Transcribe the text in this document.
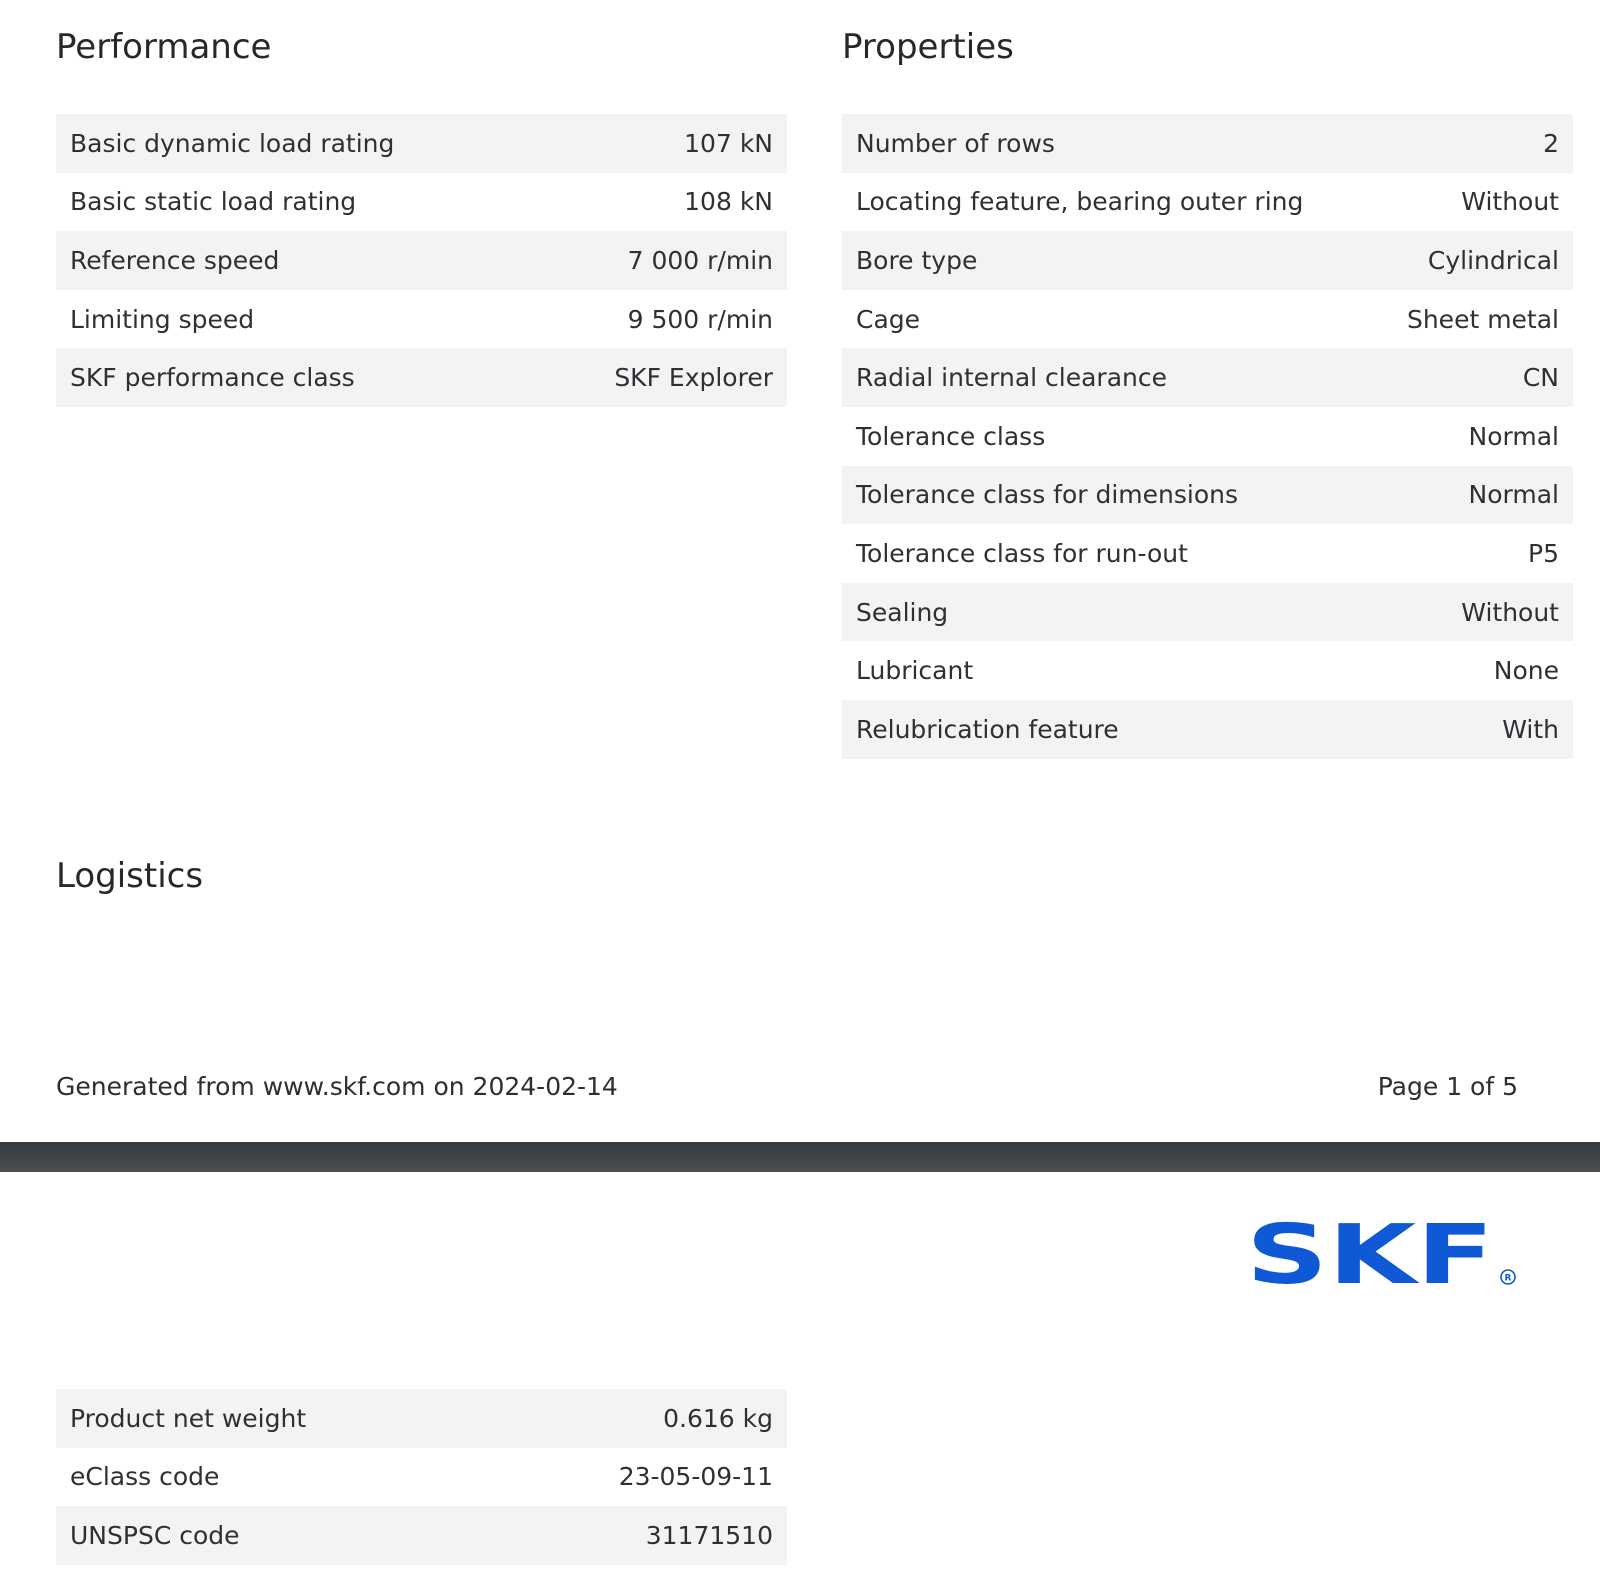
Performance
Basic dynamic load rating	107 kN
Basic static load rating	108 kN
Reference speed	7 000 r/min
Limiting speed	9 500 r/min
SKF performance class	SKF Explorer
Properties
Number of rows	2
Locating feature, bearing outer ring	Without
Bore type	Cylindrical
Cage	Sheet metal
Radial internal clearance	CN
Tolerance class	Normal
Tolerance class for dimensions	Normal
Tolerance class for run-out	P5
Sealing	Without
Lubricant	None
Relubrication feature	With
Logistics
Generated from www.skf.com on 2024-02-14	Page 1 of 5
SKF R
Product net weight	0.616 kg
eClass code	23-05-09-11
UNSPSC code	31171510
